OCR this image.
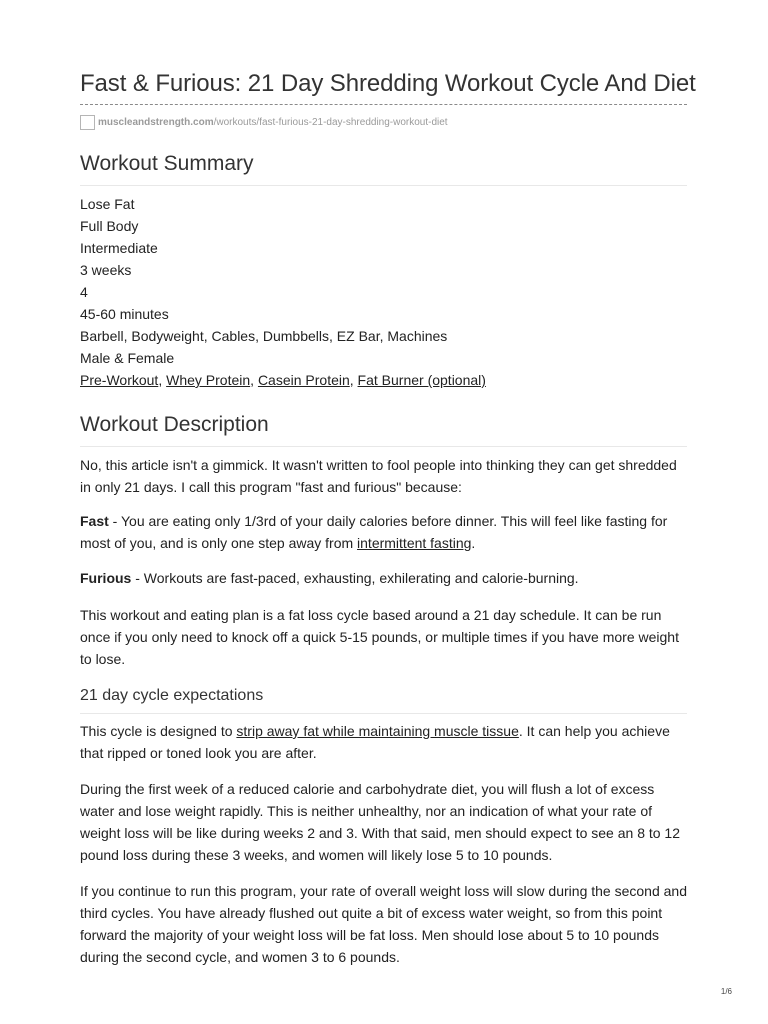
Fast & Furious: 21 Day Shredding Workout Cycle And Diet
muscleandstrength.com /workouts/fast-furious-21-day-shredding-workout-diet
Workout Summary
Lose Fat
Full Body
Intermediate
3 weeks
4
45-60 minutes
Barbell, Bodyweight, Cables, Dumbbells, EZ Bar, Machines
Male & Female
Pre-Workout, Whey Protein, Casein Protein, Fat Burner (optional)
Workout Description

No, this article isn't a gimmick. It wasn't written to fool people into thinking they can get shredded in only 21 days. I call this program "fast and furious" because:

Fast - You are eating only 1/3rd of your daily calories before dinner. This will feel like fasting for most of you, and is only one step away from intermittent fasting.

Furious - Workouts are fast-paced, exhausting, exhilerating and calorie-burning.

This workout and eating plan is a fat loss cycle based around a 21 day schedule. It can be run once if you only need to knock off a quick 5-15 pounds, or multiple times if you have more weight to lose.

21 day cycle expectations

This cycle is designed to strip away fat while maintaining muscle tissue. It can help you achieve that ripped or toned look you are after.

During the first week of a reduced calorie and carbohydrate diet, you will flush a lot of excess water and lose weight rapidly. This is neither unhealthy, nor an indication of what your rate of weight loss will be like during weeks 2 and 3. With that said, men should expect to see an 8 to 12 pound loss during these 3 weeks, and women will likely lose 5 to 10 pounds.

If you continue to run this program, your rate of overall weight loss will slow during the second and third cycles. You have already flushed out quite a bit of excess water weight, so from this point forward the majority of your weight loss will be fat loss. Men should lose about 5 to 10 pounds during the second cycle, and women 3 to 6 pounds.

1/6
